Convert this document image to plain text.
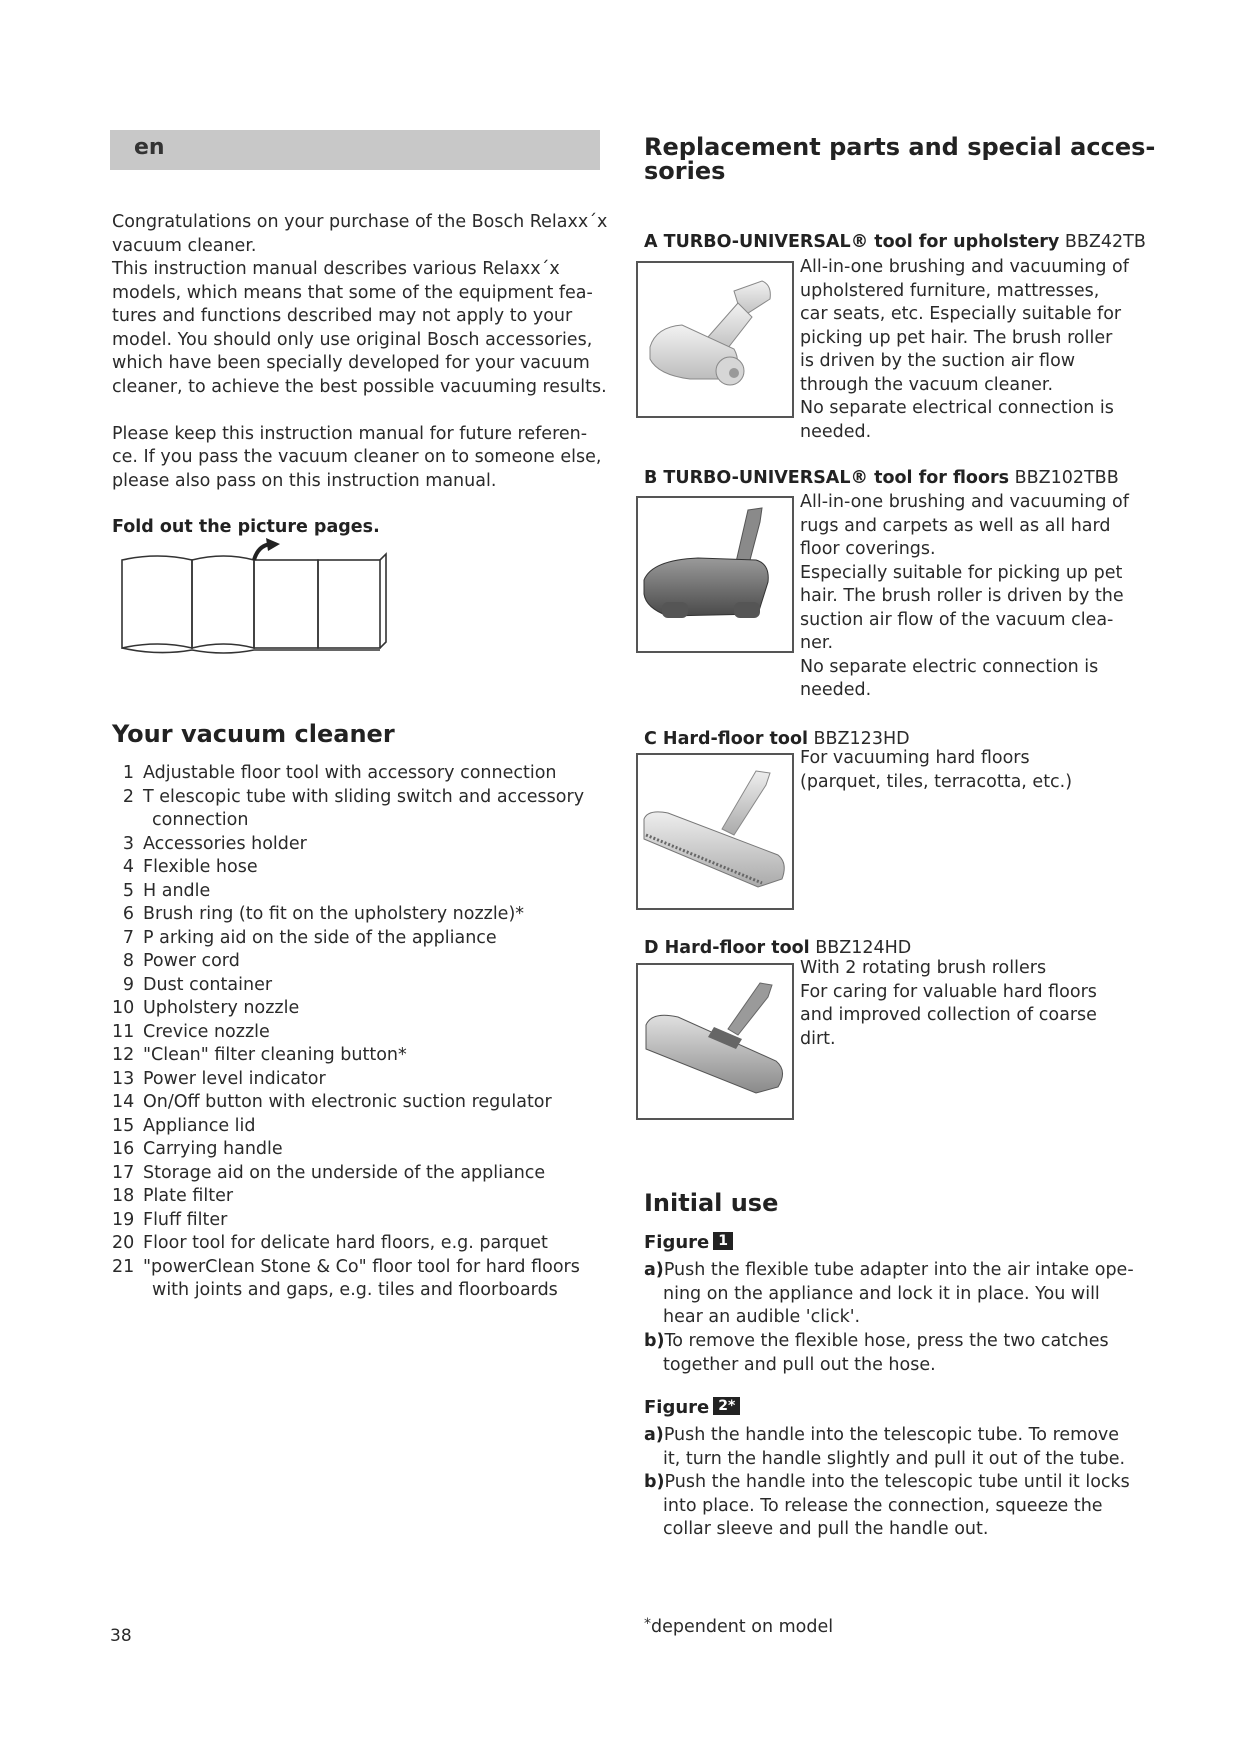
en

Congratulations on your purchase of the Bosch Relaxx´x

vacuum cleaner.

This instruction manual describes various Relaxx´x

models, which means that some of the equipment fea-

tures and functions described may not apply to your

model. You should only use original Bosch accessories,

which have been specially developed for your vacuum

cleaner, to achieve the best possible vacuuming results.

Please keep this instruction manual for future referen-

ce. If you pass the vacuum cleaner on to someone else,

please also pass on this instruction manual.

Fold out the picture pages.
Your vacuum cleaner
1 Adjustable floor tool with accessory connection
2 T elescopic tube with sliding switch and accessory
connection
3 Accessories holder
4 Flexible hose
5 H andle
6 Brush ring (to fit on the upholstery nozzle)*
7 P arking aid on the side of the appliance
8 Power cord
9 Dust container
10 Upholstery nozzle
11 Crevice nozzle
12 "Clean" filter cleaning button*
13 Power level indicator
14 On/Off button with electronic suction regulator
15 Appliance lid
16 Carrying handle
17 Storage aid on the underside of the appliance
18 Plate filter
19 Fluff filter
20 Floor tool for delicate hard floors, e.g. parquet
21 "powerClean Stone & Co" floor tool for hard floors
with joints and gaps, e.g. tiles and floorboards
38
Replacement parts and special acces-
sories
A TURBO-UNIVERSAL® tool for upholstery BBZ42TB
All-in-one brushing and vacuuming of
upholstered furniture, mattresses,
car seats, etc. Especially suitable for
picking up pet hair. The brush roller
is driven by the suction air flow
through the vacuum cleaner.
No separate electrical connection is
needed.
B TURBO-UNIVERSAL® tool for floors BBZ102TBB
All-in-one brushing and vacuuming of
rugs and carpets as well as all hard
floor coverings.
Especially suitable for picking up pet
hair. The brush roller is driven by the
suction air flow of the vacuum clea-
ner.
No separate electric connection is
needed.
C Hard-floor tool BBZ123HD
For vacuuming hard floors
(parquet, tiles, terracotta, etc.)
D Hard-floor tool BBZ124HD
With 2 rotating brush rollers
For caring for valuable hard floors
and improved collection of coarse
dirt.
Initial use
Figure 1
a)Push the flexible tube adapter into the air intake ope-
ning on the appliance and lock it in place. You will
hear an audible 'click'.
b)To remove the flexible hose, press the two catches
together and pull out the hose.
Figure 2*
a)Push the handle into the telescopic tube. To remove
it, turn the handle slightly and pull it out of the tube.
b)Push the handle into the telescopic tube until it locks
into place. To release the connection, squeeze the
collar sleeve and pull the handle out.
*dependent on model
